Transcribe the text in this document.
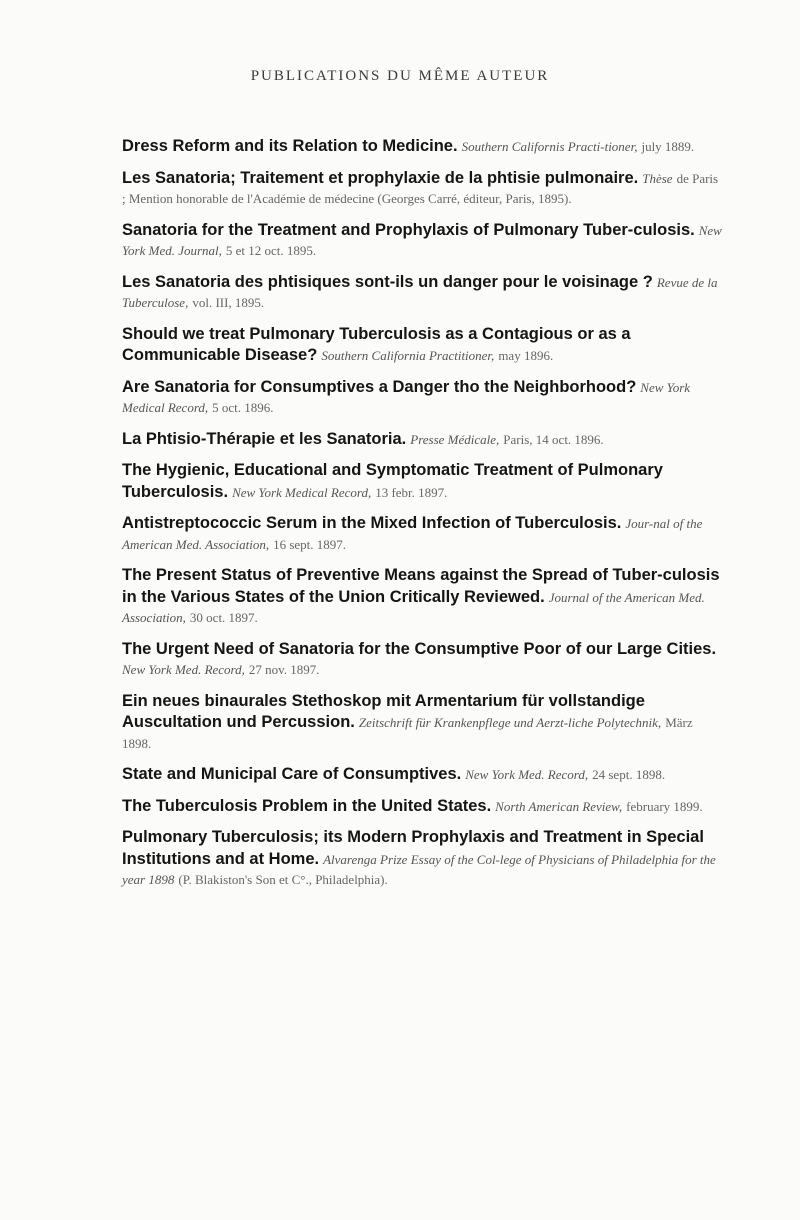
PUBLICATIONS DU MÊME AUTEUR
Dress Reform and its Relation to Medicine. Southern Californis Practi-tioner, july 1889.
Les Sanatoria; Traitement et prophylaxie de la phtisie pulmonaire. Thèse de Paris ; Mention honorable de l'Académie de médecine (Georges Carré, éditeur, Paris, 1895).
Sanatoria for the Treatment and Prophylaxis of Pulmonary Tuber-culosis. New York Med. Journal, 5 et 12 oct. 1895.
Les Sanatoria des phtisiques sont-ils un danger pour le voisinage ? Revue de la Tuberculose, vol. III, 1895.
Should we treat Pulmonary Tuberculosis as a Contagious or as a Communicable Disease? Southern California Practitioner, may 1896.
Are Sanatoria for Consumptives a Danger tho the Neighborhood? New York Medical Record, 5 oct. 1896.
La Phtisio-Thérapie et les Sanatoria. Presse Médicale, Paris, 14 oct. 1896.
The Hygienic, Educational and Symptomatic Treatment of Pulmonary Tuberculosis. New York Medical Record, 13 febr. 1897.
Antistreptococcic Serum in the Mixed Infection of Tuberculosis. Jour-nal of the American Med. Association, 16 sept. 1897.
The Present Status of Preventive Means against the Spread of Tuber-culosis in the Various States of the Union Critically Reviewed. Journal of the American Med. Association, 30 oct. 1897.
The Urgent Need of Sanatoria for the Consumptive Poor of our Large Cities. New York Med. Record, 27 nov. 1897.
Ein neues binaurales Stethoskop mit Armentarium für vollstandige Auscultation und Percussion. Zeitschrift für Krankenpflege und Aerzt-liche Polytechnik, März 1898.
State and Municipal Care of Consumptives. New York Med. Record, 24 sept. 1898.
The Tuberculosis Problem in the United States. North American Review, february 1899.
Pulmonary Tuberculosis; its Modern Prophylaxis and Treatment in Special Institutions and at Home. Alvarenga Prize Essay of the Col-lege of Physicians of Philadelphia for the year 1898 (P. Blakiston's Son et C°., Philadelphia).
